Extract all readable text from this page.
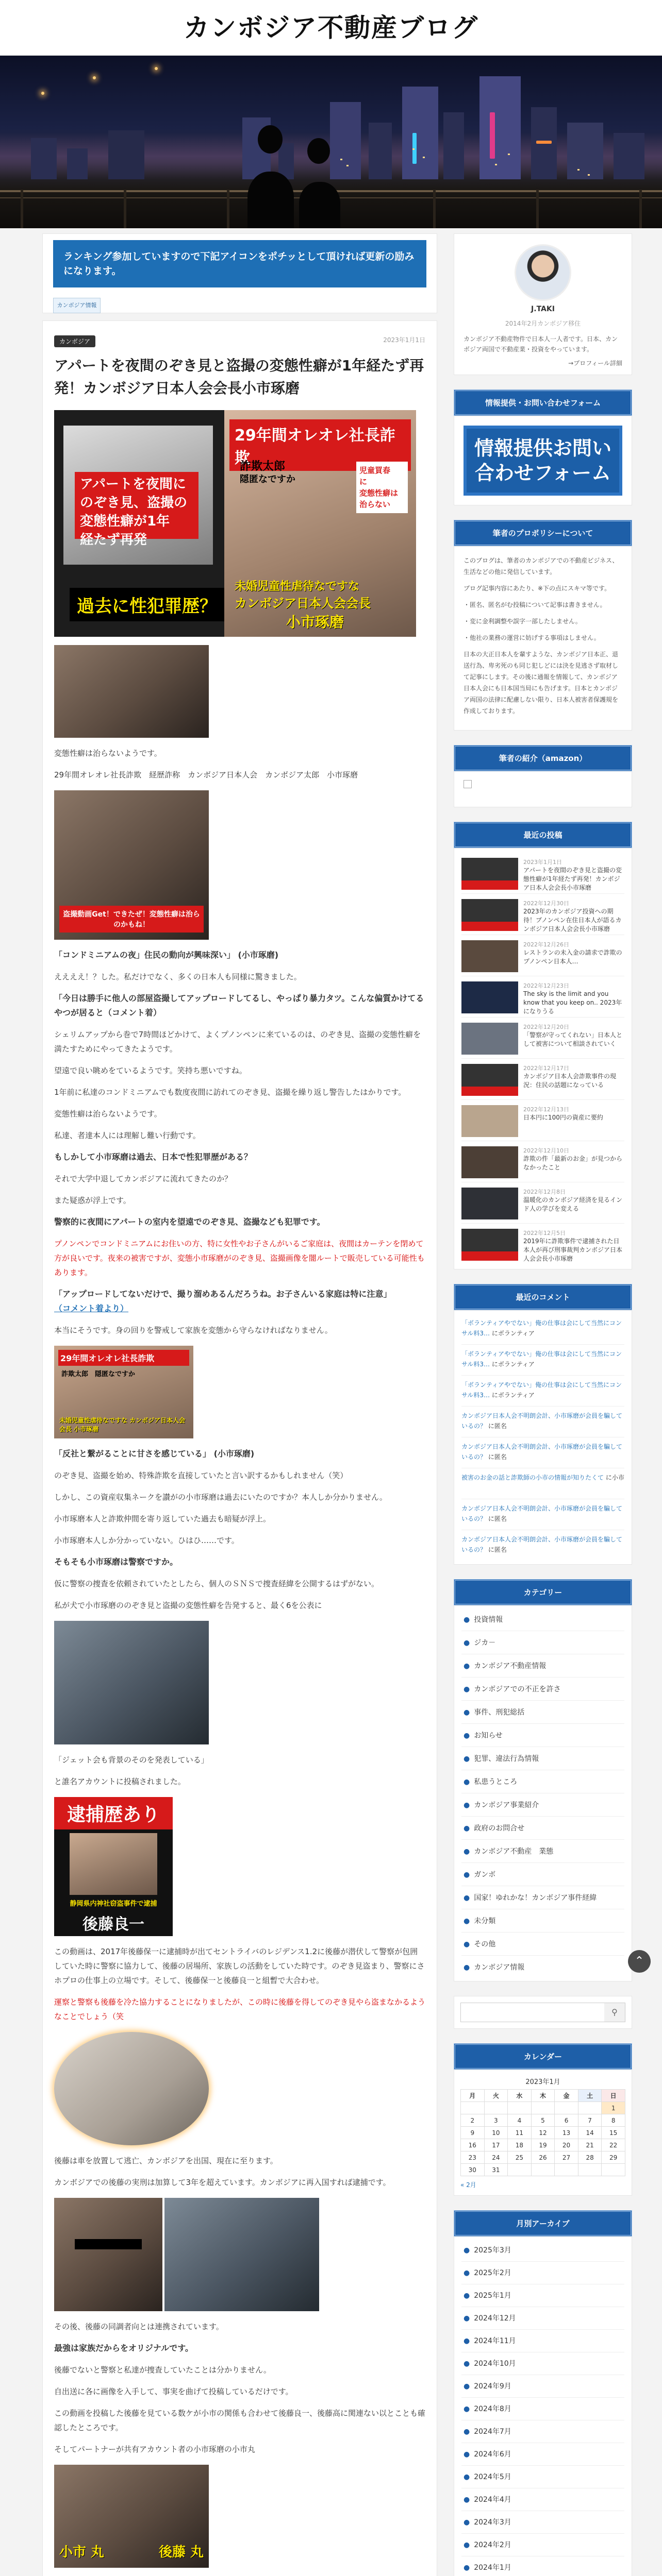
カンボジア不動産ブログ
ランキング参加していますので下記アイコンをポチッとして頂ければ更新の励みになります。
カンボジア情報
カンボジア	2023年1月1日
アパートを夜間のぞき見と盗撮の変態性癖が1年経たず再発！カンボジア日本人会会長小市琢磨
アパートを夜間に
のぞき見、盗撮の
変態性癖が1年
経たず再発
過去に性犯罪歴？
29年間オレオレ社長詐欺
詐欺太郎
隠匿なですか
児童買春
に
変態性癖は
治らない
未婚児童性虐待なですな
カンボジア日本人会会長
小市琢磨

変態性癖は治らないようです。

29年間オレオレ社長詐欺　経歴詐称　カンボジア日本人会　カンボジア太郎　小市琢磨

盗撮動画Get！できたぜ！変態性癖は治らのかもね！

「コンドミニアムの夜」住民の動向が興味深い」 (小市琢磨)

ええええ！？した。私だけでなく、多くの日本人も同様に驚きました。

「今日は勝手に他人の部屋盗撮してアップロードしてるし、やっぱり暴力タツ。こんな偏質かけてるやつが居ると（コメント着）

シェリムアップから巻で7時間ほどかけて、よくプノンペンに来ているのは、のぞき見、盗撮の変態性癖を満たすためにやってきたようです。

望遠で良い眺めをているようです。笑持ち悪いですね。

1年前に私達のコンドミニアムでも数度夜間に訪れてのぞき見、盗撮を繰り返し警告したはかりです。

変態性癖は治らないようです。

私達、者達本人には理解し難い行動です。

もしかして小市琢磨は過去、日本で性犯罪歴がある？

それで大学中退してカンボジアに流れてきたのか？

また疑惑が浮上です。

警察的に夜間にアパートの室内を望遠でのぞき見、盗撮なども犯罪です。

プノンペンでコンドミニアムにお住いの方、特に女性やお子さんがいるご家庭は、夜間はカーテンを閉めて方が良いです。夜来の被害ですが、変態小市琢磨がのぞき見、盗撮画像を闇ルートで販売している可能性もあります。

「アップロードしてないだけで、撮り溜めあるんだろうね。お子さんいる家庭は特に注意」
（コメント着より）

本当にそうです。身の回りを警戒して家族を変態から守らなければなりません。

29年間オレオレ社長詐欺
詐欺太郎　隠匿なですか
未婚児童性虐待なですな カンボジア日本人会会長 小市琢磨

「反社と繋がることに甘さを感じている」 (小市琢磨)

のぞき見、盗撮を始め、特殊詐欺を直接していたと言い訳するかもしれません（笑）

しかし、この資産収集ネークを讃がの小市琢磨は過去にいたのですか？本人しか分かりません。

小市琢磨本人と詐欺仲間を寄り返していた過去も暗疑が浮上。

小市琢磨本人しか分かっていない。ひはひ……です。

そもそも小市琢磨は警察ですか。

仮に警察の捜査を依頼されていたとしたら、個人のＳＮＳで捜査経緯を公開するはずがない。

私が犬で小市琢磨ののぞき見と盗撮の変態性癖を告発すると、最く6を公表に

「ジェット会も背景のそのを発表している」

と誰名アカウントに投稿されました。

逮捕歴あり
静岡県内神社窃盗事件で逮捕
後藤良一

この動画は、2017年後藤保一に逮捕時が出てセントライバのレジデンス1.2に後藤が潜伏して警察が包囲していた時に警察に協力して、後藤の居場所、家族しの活動をしていた時です。のぞき見盗まり、警察にさホプロの仕事上の立場です。そして、後藤保一と後藤良一と組暫で大合わせ。

運察と警察も後藤を冷た協力することになりましたが、この時に後藤を得してのぞき見やら盗まなかるようなことでしょう（笑

後藤は車を放置して逃亡、カンボジアを出国、現在に至ります。

カンボジアでの後藤の実刑は加算して3年を超えています。カンボジアに再入国すれば逮捕です。

その後、後藤の同調者向とは連携されています。

最強は家族だからをオリジナルです。

後藤でないと警察と私達が捜査していたことは分かりません。

自出送に各に画像を入手して、事実を曲げて投稿しているだけです。

この動画を投稿した後藤を見ている数ケが小市の関係も合わせて後藤良一、後藤高に関連ない以とことも確認したところです。

そしてパートナーが共有アカウント者の小市琢磨の小市丸

小市 丸	後藤 丸
J.TAKI
2014年2月カンボジア移住
カンボジア不動産物件で日本人一人者です。日本、カンボジア両国で不動産業・投資をやっています。
→プロフィール詳細
情報提供・お問い合わせフォーム
情報提供お問い合わせフォーム
筆者のプロポリシーについて

このブログは、筆者のカンボジアでの不動産ビジネス、生活などの他に発信しています。

ブログ記事内容にあたり、※下の点にスキマ等です。

・匿名、匿名がむ投稿について記事は書きません。

・変に金利調整や誤字一部したしません。

・他社の業務の運営に妨げする事項はしません。

日本の大正日本人を輩すような、カンボジア日本正、退送行為、卑劣死のも同じ犯しどには決を見逃さず取材して記事にします。その後に通報を情報して、カンボジア日本人会にも日本国当局にも告げます。日本とカンボジア両国の法律に配慮しない限り、日本人被害者保護規を作成しております。

筆者の紹介（amazon）
最近の投稿
2023年1月1日
アパートを夜間のぞき見と盗撮の変態性癖が1年経たず再発！カンボジア日本人会会長小市琢磨
2022年12月30日
2023年のカンボジア投資への期待！プノンペン在住日本人が語るカンボジア日本人会会長小市琢磨
2022年12月26日
レストランの未入金の請求で詐欺のプノンペン日本人…
2022年12月23日
The sky is the limit and you know that you keep on.. 2023年になりうる
2022年12月20日
「警察が守ってくれない」日本人として被害について相談されていく
2022年12月17日
カンボジア日本人会詐欺事件の現況：住民の話題になっている
2022年12月13日
日本円に100円の資産に要約
2022年12月10日
詐欺の件「最新のお金」が見つからなかったこと
2022年12月8日
温暖化のカンボジア経済を見るインド人の学びを変える
2022年12月5日
2019年に詐欺事件で逮捕された日本人が再び刑事裁判カンボジア日本人会会長小市琢磨
最近のコメント
「ボランティアやでない」俺の仕事は会にして当然にコンサル料3… にボランティア
「ボランティアやでない」俺の仕事は会にして当然にコンサル料3… にボランティア
「ボランティアやでない」俺の仕事は会にして当然にコンサル料3… にボランティア
カンボジア日本人会不明朗会計、小市琢磨が会員を騙しているの？ に匿名
カンボジア日本人会不明朗会計、小市琢磨が会員を騙しているの？ に匿名
被害のお金の話と詐欺師の小市の情報が知りたくて に小市
カンボジア日本人会不明朗会計、小市琢磨が会員を騙しているの？ に匿名
カンボジア日本人会不明朗会計、小市琢磨が会員を騙しているの？ に匿名
カテゴリー
● 投資情報
● ジカ－
● カンボジア不動産情報
● カンボジアでの不正を許さ
● 事件、刑犯総括
● お知らせ
● 犯罪、違法行為情報
● 私患うところ
● カンボジア事業紹介
● 政府のお問合せ
● カンボジア不動産　業態
● ガンボ
● 国家！ゆれかな！カンボジア事件経緯
● 未分類
● その他
● カンボジア情報
⚲
カレンダー
2023年1月
月	火	水	木	金	土	日
						1
2	3	4	5	6	7	8
9	10	11	12	13	14	15
16	17	18	19	20	21	22
23	24	25	26	27	28	29
30	31					
« 2月
月別アーカイブ
● 2025年3月
● 2025年2月
● 2025年1月
● 2024年12月
● 2024年11月
● 2024年10月
● 2024年9月
● 2024年8月
● 2024年7月
● 2024年6月
● 2024年5月
● 2024年4月
● 2024年3月
● 2024年2月
● 2024年1月
⌃
